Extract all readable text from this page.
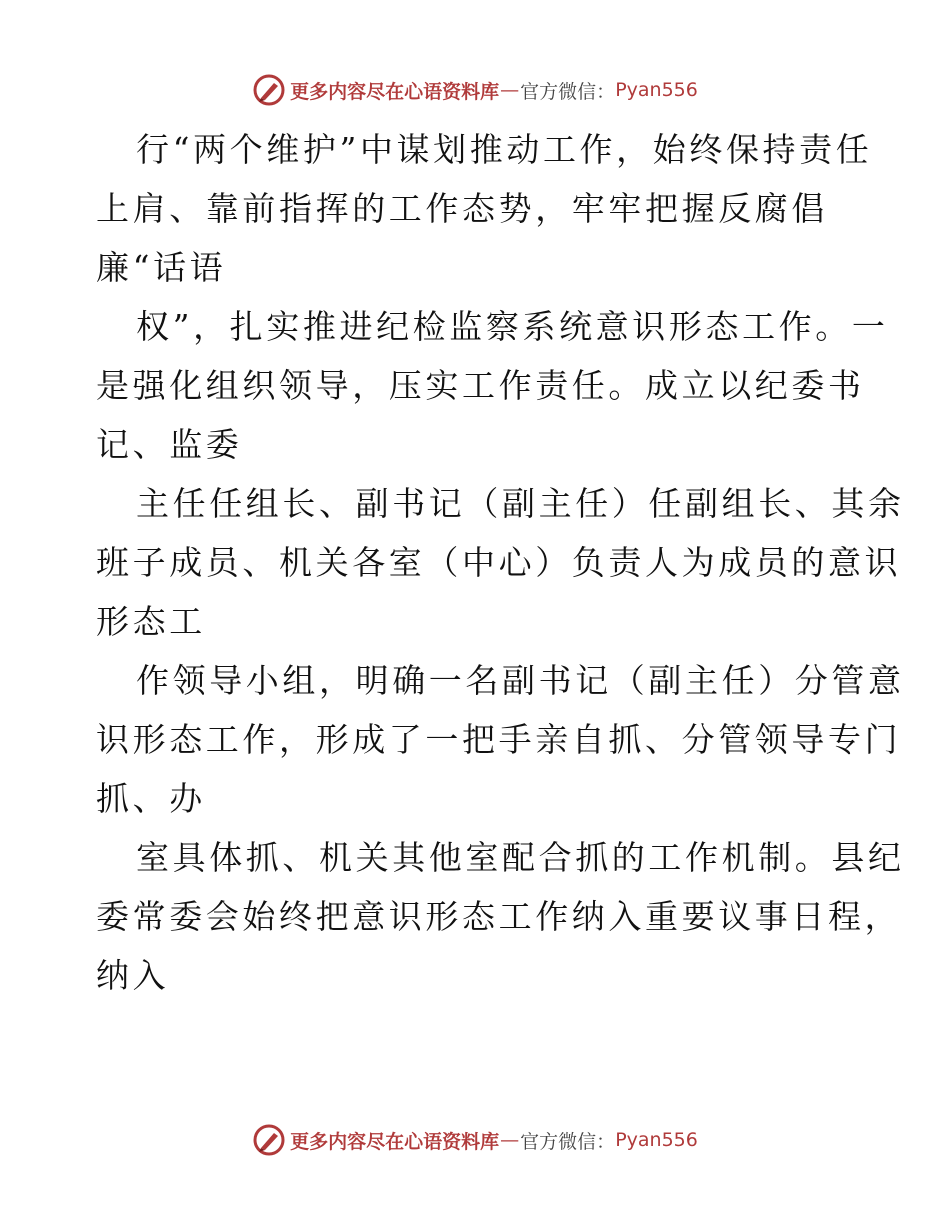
更多内容尽在心语资料库 — 官方微信： Pyan556
行“两个维护”中谋划推动工作，始终保持责任
上肩、靠前指挥的工作态势，牢牢把握反腐倡
廉“话语
权”，扎实推进纪检监察系统意识形态工作。一
是强化组织领导，压实工作责任。成立以纪委书
记、监委
主任任组长、副书记（副主任）任副组长、其余
班子成员、机关各室（中心）负责人为成员的意识
形态工
作领导小组，明确一名副书记（副主任）分管意
识形态工作，形成了一把手亲自抓、分管领导专门
抓、办
室具体抓、机关其他室配合抓的工作机制。县纪
委常委会始终把意识形态工作纳入重要议事日程，
纳入
更多内容尽在心语资料库 — 官方微信： Pyan556
